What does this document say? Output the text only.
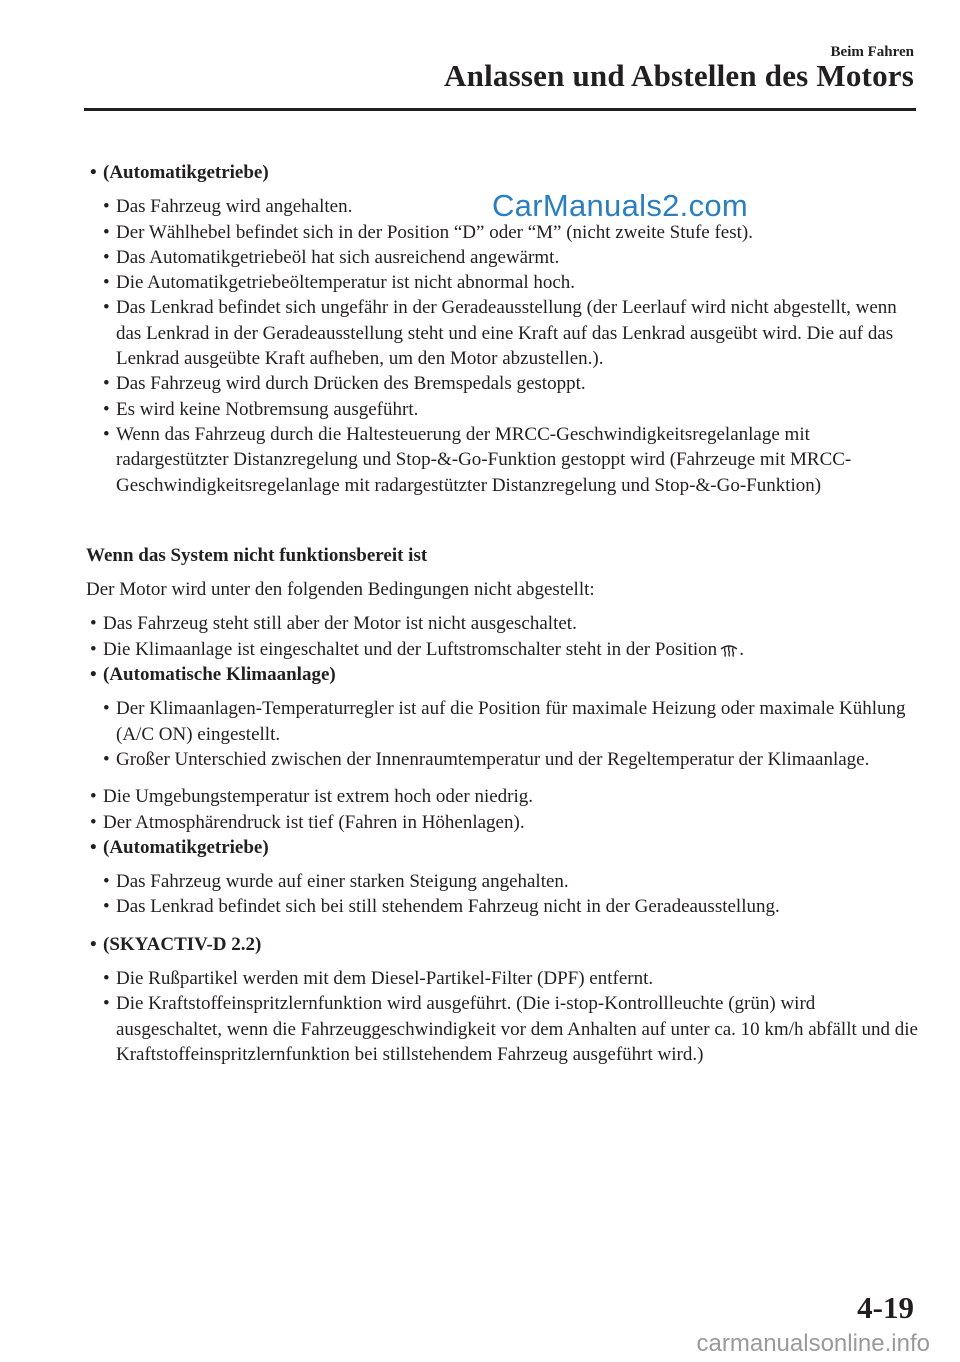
Beim Fahren
Anlassen und Abstellen des Motors
CarManuals2.com

• (Automatikgetriebe)

• Das Fahrzeug wird angehalten.

• Der Wählhebel befindet sich in der Position “D” oder “M” (nicht zweite Stufe fest).

• Das Automatikgetriebeöl hat sich ausreichend angewärmt.

• Die Automatikgetriebeöltemperatur ist nicht abnormal hoch.

• Das Lenkrad befindet sich ungefähr in der Geradeausstellung (der Leerlauf wird nicht abgestellt, wenn das Lenkrad in der Geradeausstellung steht und eine Kraft auf das Lenkrad ausgeübt wird. Die auf das Lenkrad ausgeübte Kraft aufheben, um den Motor abzustellen.).

• Das Fahrzeug wird durch Drücken des Bremspedals gestoppt.

• Es wird keine Notbremsung ausgeführt.

• Wenn das Fahrzeug durch die Haltesteuerung der MRCC-Geschwindigkeitsregelanlage mit radargestützter Distanzregelung und Stop-&-Go-Funktion gestoppt wird (Fahrzeuge mit MRCC-Geschwindigkeitsregelanlage mit radargestützter Distanzregelung und Stop-&-Go-Funktion)

Wenn das System nicht funktionsbereit ist

Der Motor wird unter den folgenden Bedingungen nicht abgestellt:

• Das Fahrzeug steht still aber der Motor ist nicht ausgeschaltet.

• Die Klimaanlage ist eingeschaltet und der Luftstromschalter steht in der Position .

• (Automatische Klimaanlage)

• Der Klimaanlagen-Temperaturregler ist auf die Position für maximale Heizung oder maximale Kühlung (A/C ON) eingestellt.

• Großer Unterschied zwischen der Innenraumtemperatur und der Regeltemperatur der Klimaanlage.

• Die Umgebungstemperatur ist extrem hoch oder niedrig.

• Der Atmosphärendruck ist tief (Fahren in Höhenlagen).

• (Automatikgetriebe)

• Das Fahrzeug wurde auf einer starken Steigung angehalten.

• Das Lenkrad befindet sich bei still stehendem Fahrzeug nicht in der Geradeausstellung.

• (SKYACTIV-D 2.2)

• Die Rußpartikel werden mit dem Diesel-Partikel-Filter (DPF) entfernt.

• Die Kraftstoffeinspritzlernfunktion wird ausgeführt. (Die i-stop-Kontrollleuchte (grün) wird ausgeschaltet, wenn die Fahrzeuggeschwindigkeit vor dem Anhalten auf unter ca. 10 km/h abfällt und die Kraftstoffeinspritzlernfunktion bei stillstehendem Fahrzeug ausgeführt wird.)

4-19
carmanualsonline.info
